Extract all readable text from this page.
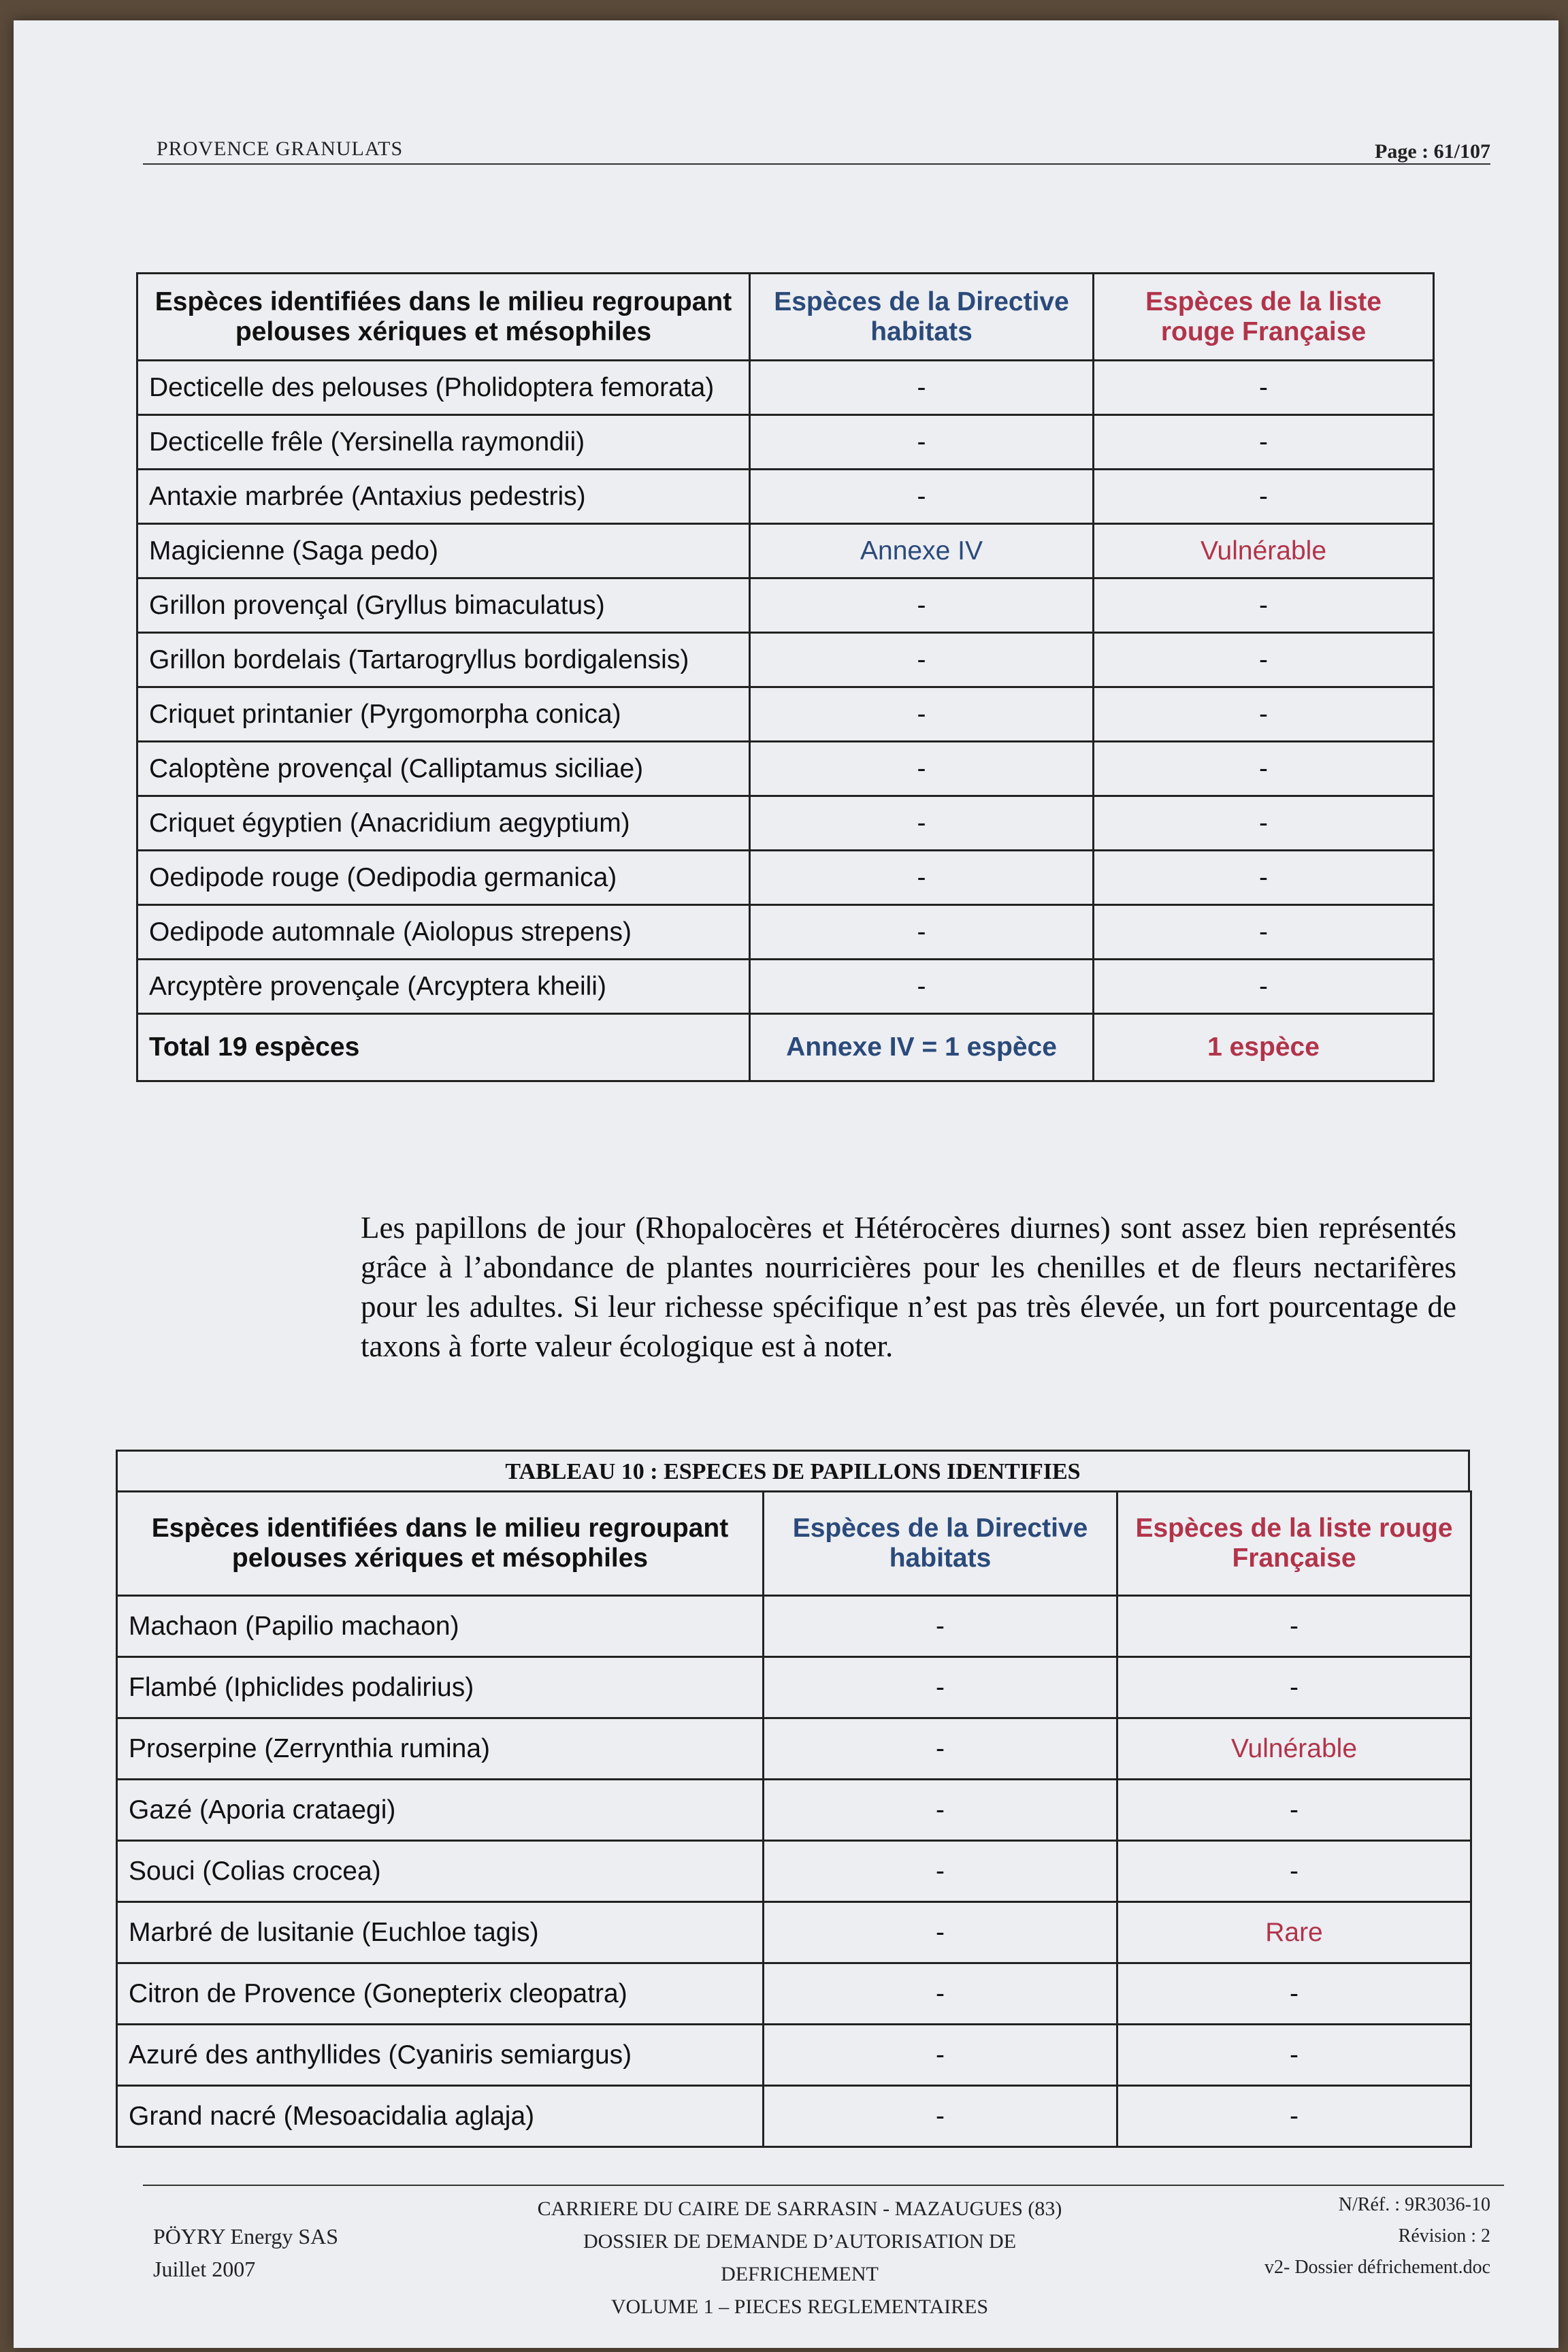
PROVENCE GRANULATS	Page : 61/107
Espèces identifiées dans le milieu regroupant pelouses xériques et mésophiles	Espèces de la Directive habitats	Espèces de la liste rouge Française
Decticelle des pelouses (Pholidoptera femorata)	-	-
Decticelle frêle (Yersinella raymondii)	-	-
Antaxie marbrée (Antaxius pedestris)	-	-
Magicienne (Saga pedo)	Annexe IV	Vulnérable
Grillon provençal (Gryllus bimaculatus)	-	-
Grillon bordelais (Tartarogryllus bordigalensis)	-	-
Criquet printanier (Pyrgomorpha conica)	-	-
Caloptène provençal (Calliptamus siciliae)	-	-
Criquet égyptien (Anacridium aegyptium)	-	-
Oedipode rouge (Oedipodia germanica)	-	-
Oedipode automnale (Aiolopus strepens)	-	-
Arcyptère provençale (Arcyptera kheili)	-	-
Total 19 espèces	Annexe IV = 1 espèce	1 espèce

Les papillons de jour (Rhopalocères et Hétérocères diurnes) sont assez bien représentés grâce à l’abondance de plantes nourricières pour les chenilles et de fleurs nectarifères pour les adultes. Si leur richesse spécifique n’est pas très élevée, un fort pourcentage de taxons à forte valeur écologique est à noter.

TABLEAU 10 : ESPECES DE PAPILLONS IDENTIFIES
Espèces identifiées dans le milieu regroupant pelouses xériques et mésophiles	Espèces de la Directive habitats	Espèces de la liste rouge Française
Machaon (Papilio machaon)	-	-
Flambé (Iphiclides podalirius)	-	-
Proserpine (Zerrynthia rumina)	-	Vulnérable
Gazé (Aporia crataegi)	-	-
Souci (Colias crocea)	-	-
Marbré de lusitanie (Euchloe tagis)	-	Rare
Citron de Provence (Gonepterix cleopatra)	-	-
Azuré des anthyllides (Cyaniris semiargus)	-	-
Grand nacré (Mesoacidalia aglaja)	-	-
PÖYRY Energy SAS
Juillet 2007
CARRIERE DU CAIRE DE SARRASIN - MAZAUGUES (83)
DOSSIER DE DEMANDE D’AUTORISATION DE DEFRICHEMENT
VOLUME 1 – PIECES REGLEMENTAIRES
N/Réf. : 9R3036-10
Révision : 2
v2- Dossier défrichement.doc
